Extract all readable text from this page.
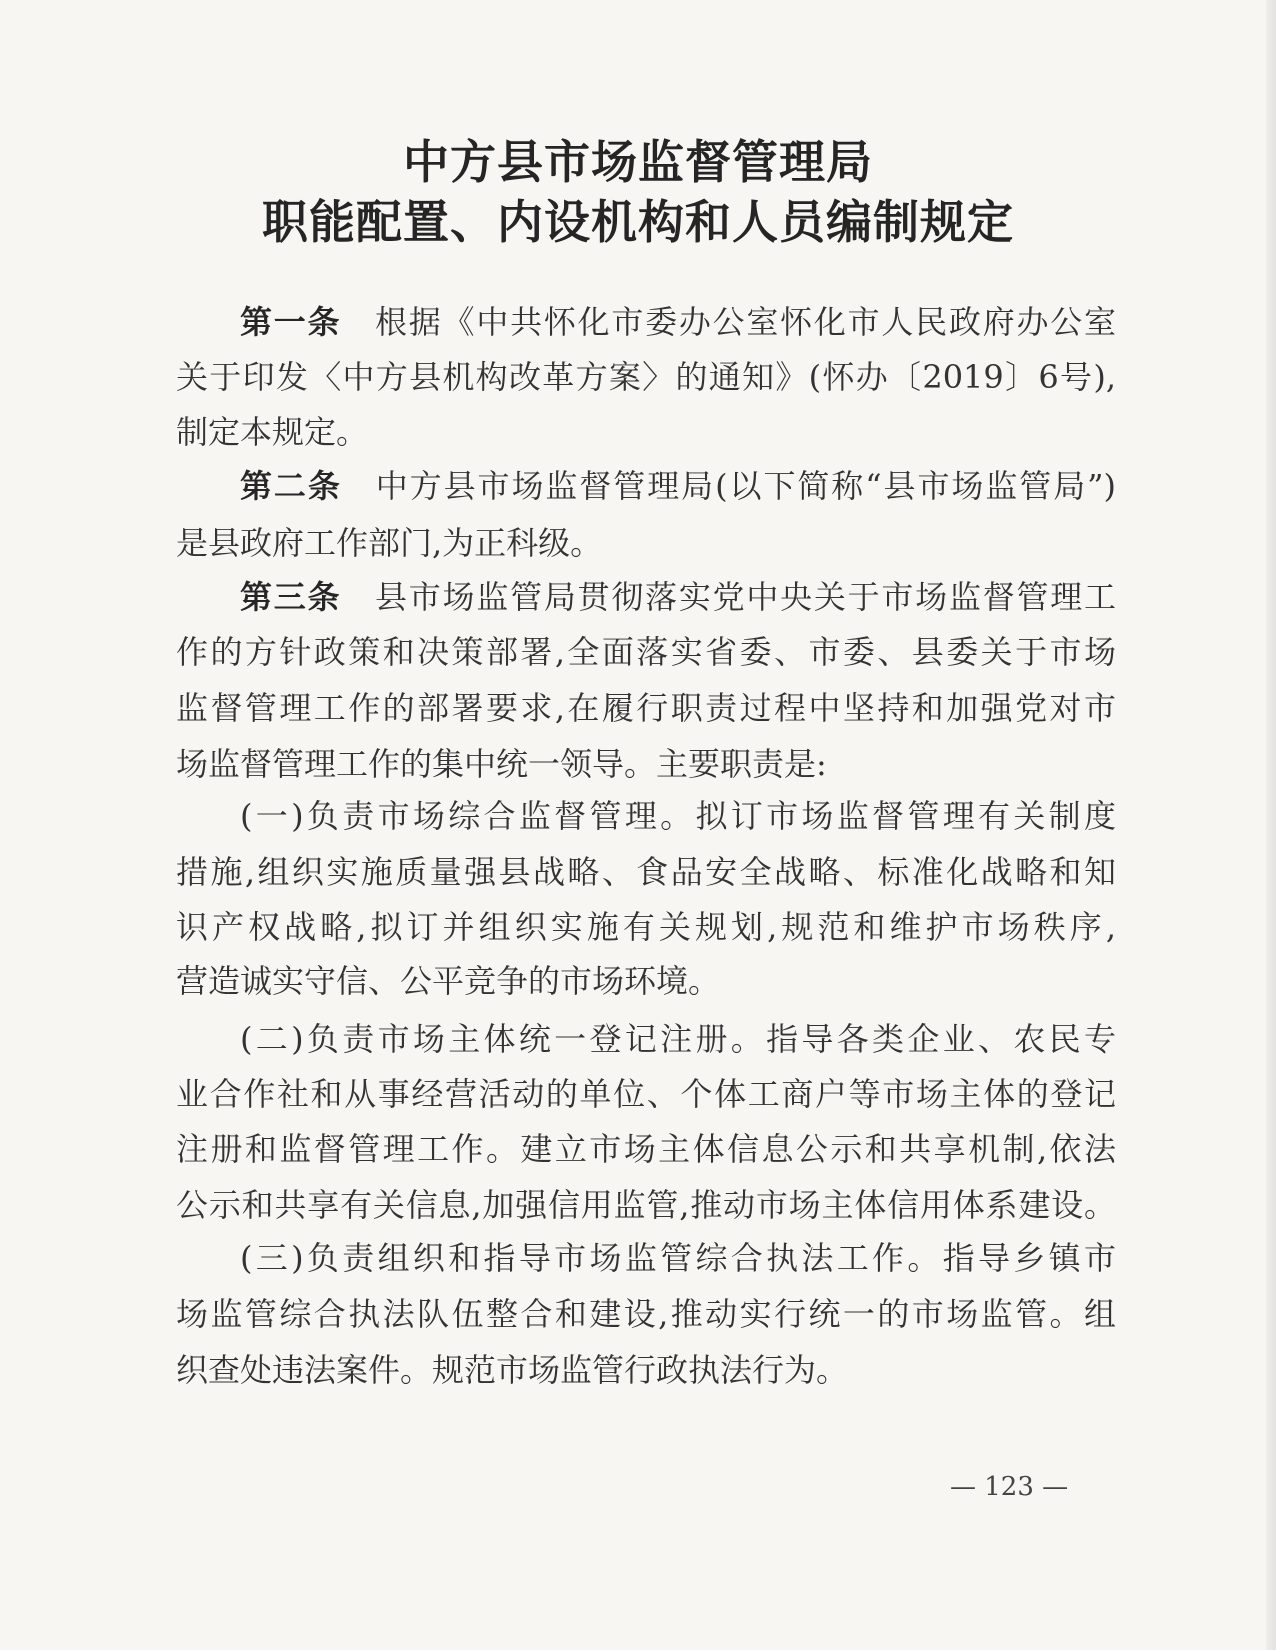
中方县市场监督管理局
职能配置、内设机构和人员编制规定
第一条  根据《中共怀化市委办公室怀化市人民政府办公室
关于印发〈中方县机构改革方案〉的通知》(怀办〔2019〕6号),
制定本规定。
第二条  中方县市场监督管理局(以下简称“县市场监管局”)
是县政府工作部门,为正科级。
第三条  县市场监管局贯彻落实党中央关于市场监督管理工
作的方针政策和决策部署,全面落实省委、市委、县委关于市场
监督管理工作的部署要求,在履行职责过程中坚持和加强党对市
场监督管理工作的集中统一领导。主要职责是:
(一)负责市场综合监督管理。拟订市场监督管理有关制度
措施,组织实施质量强县战略、食品安全战略、标准化战略和知
识产权战略,拟订并组织实施有关规划,规范和维护市场秩序,
营造诚实守信、公平竞争的市场环境。
(二)负责市场主体统一登记注册。指导各类企业、农民专
业合作社和从事经营活动的单位、个体工商户等市场主体的登记
注册和监督管理工作。建立市场主体信息公示和共享机制,依法
公示和共享有关信息,加强信用监管,推动市场主体信用体系建设。
(三)负责组织和指导市场监管综合执法工作。指导乡镇市
场监管综合执法队伍整合和建设,推动实行统一的市场监管。组
织查处违法案件。规范市场监管行政执法行为。
— 123 —
